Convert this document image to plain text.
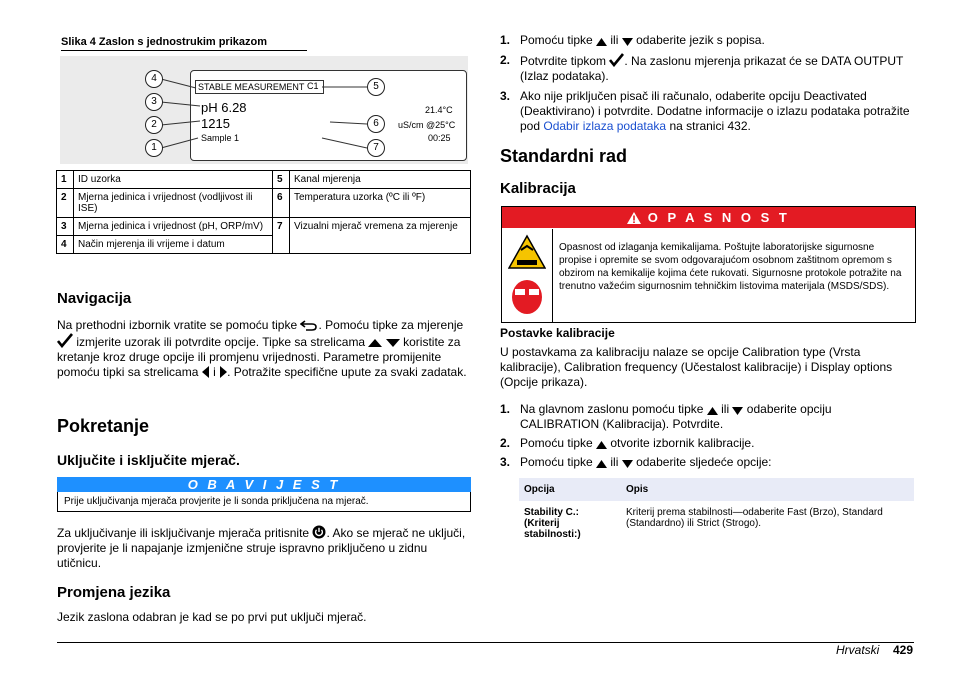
Slika 4 Zaslon s jednostrukim prikazom
STABLE MEASUREMENT C1
pH 6.28
1215
21.4°C
uS/cm @25°C
Sample 1	00:25
4
3
2
1
5
6
7
1	ID uzorka	5	Kanal mjerenja
2	Mjerna jedinica i vrijednost (vodljivost ili ISE)	6	Temperatura uzorka (ºC ili ºF)
3	Mjerna jedinica i vrijednost (pH, ORP/mV)	7	Vizualni mjerač vremena za mjerenje
4	Način mjerenja ili vrijeme i datum		
Navigacija
Na prethodni izbornik vratite se pomoću tipke . Pomoću tipke za mjerenje  izmjerite uzorak ili potvrdite opcije. Tipke sa strelicama	koristite za kretanje kroz druge opcije ili promjenu vrijednosti. Parametre promijenite pomoću tipki sa strelicama  i . Potražite specifične upute za svaki zadatak.
Pokretanje
Uključite i isključite mjerač.
O B A V I J E S T
Prije uključivanja mjerača provjerite je li sonda priključena na mjerač.
Za uključivanje ili isključivanje mjerača pritisnite . Ako se mjerač ne uključi, provjerite je li napajanje izmjenične struje ispravno priključeno u zidnu utičnicu.
Promjena jezika
Jezik zaslona odabran je kad se po prvi put uključi mjerač.
1. Pomoću tipke  ili  odaberite jezik s popisa.
2. Potvrdite tipkom . Na zaslonu mjerenja prikazat će se DATA OUTPUT (Izlaz podataka).
3. Ako nije priključen pisač ili računalo, odaberite opciju Deactivated (Deaktivirano) i potvrdite. Dodatne informacije o izlazu podataka potražite pod Odabir izlaza podataka na stranici 432.
Standardni rad
Kalibracija
O P A S N O S T
Opasnost od izlaganja kemikalijama. Poštujte laboratorijske sigurnosne propise i opremite se svom odgovarajućom osobnom zaštitnom opremom s obzirom na kemikalije kojima ćete rukovati. Sigurnosne protokole potražite na trenutno važećim sigurnosnim tehničkim listovima materijala (MSDS/SDS).
Postavke kalibracije
U postavkama za kalibraciju nalaze se opcije Calibration type (Vrsta kalibracije), Calibration frequency (Učestalost kalibracije) i Display options (Opcije prikaza).
1. Na glavnom zaslonu pomoću tipke  ili  odaberite opciju CALIBRATION (Kalibracija). Potvrdite.
2. Pomoću tipke  otvorite izbornik kalibracije.
3. Pomoću tipke  ili  odaberite sljedeće opcije:
Opcija	Opis
Stability C.: (Kriterij stabilnosti:)	Kriterij prema stabilnosti—odaberite Fast (Brzo), Standard (Standardno) ili Strict (Strogo).
Hrvatski 429
